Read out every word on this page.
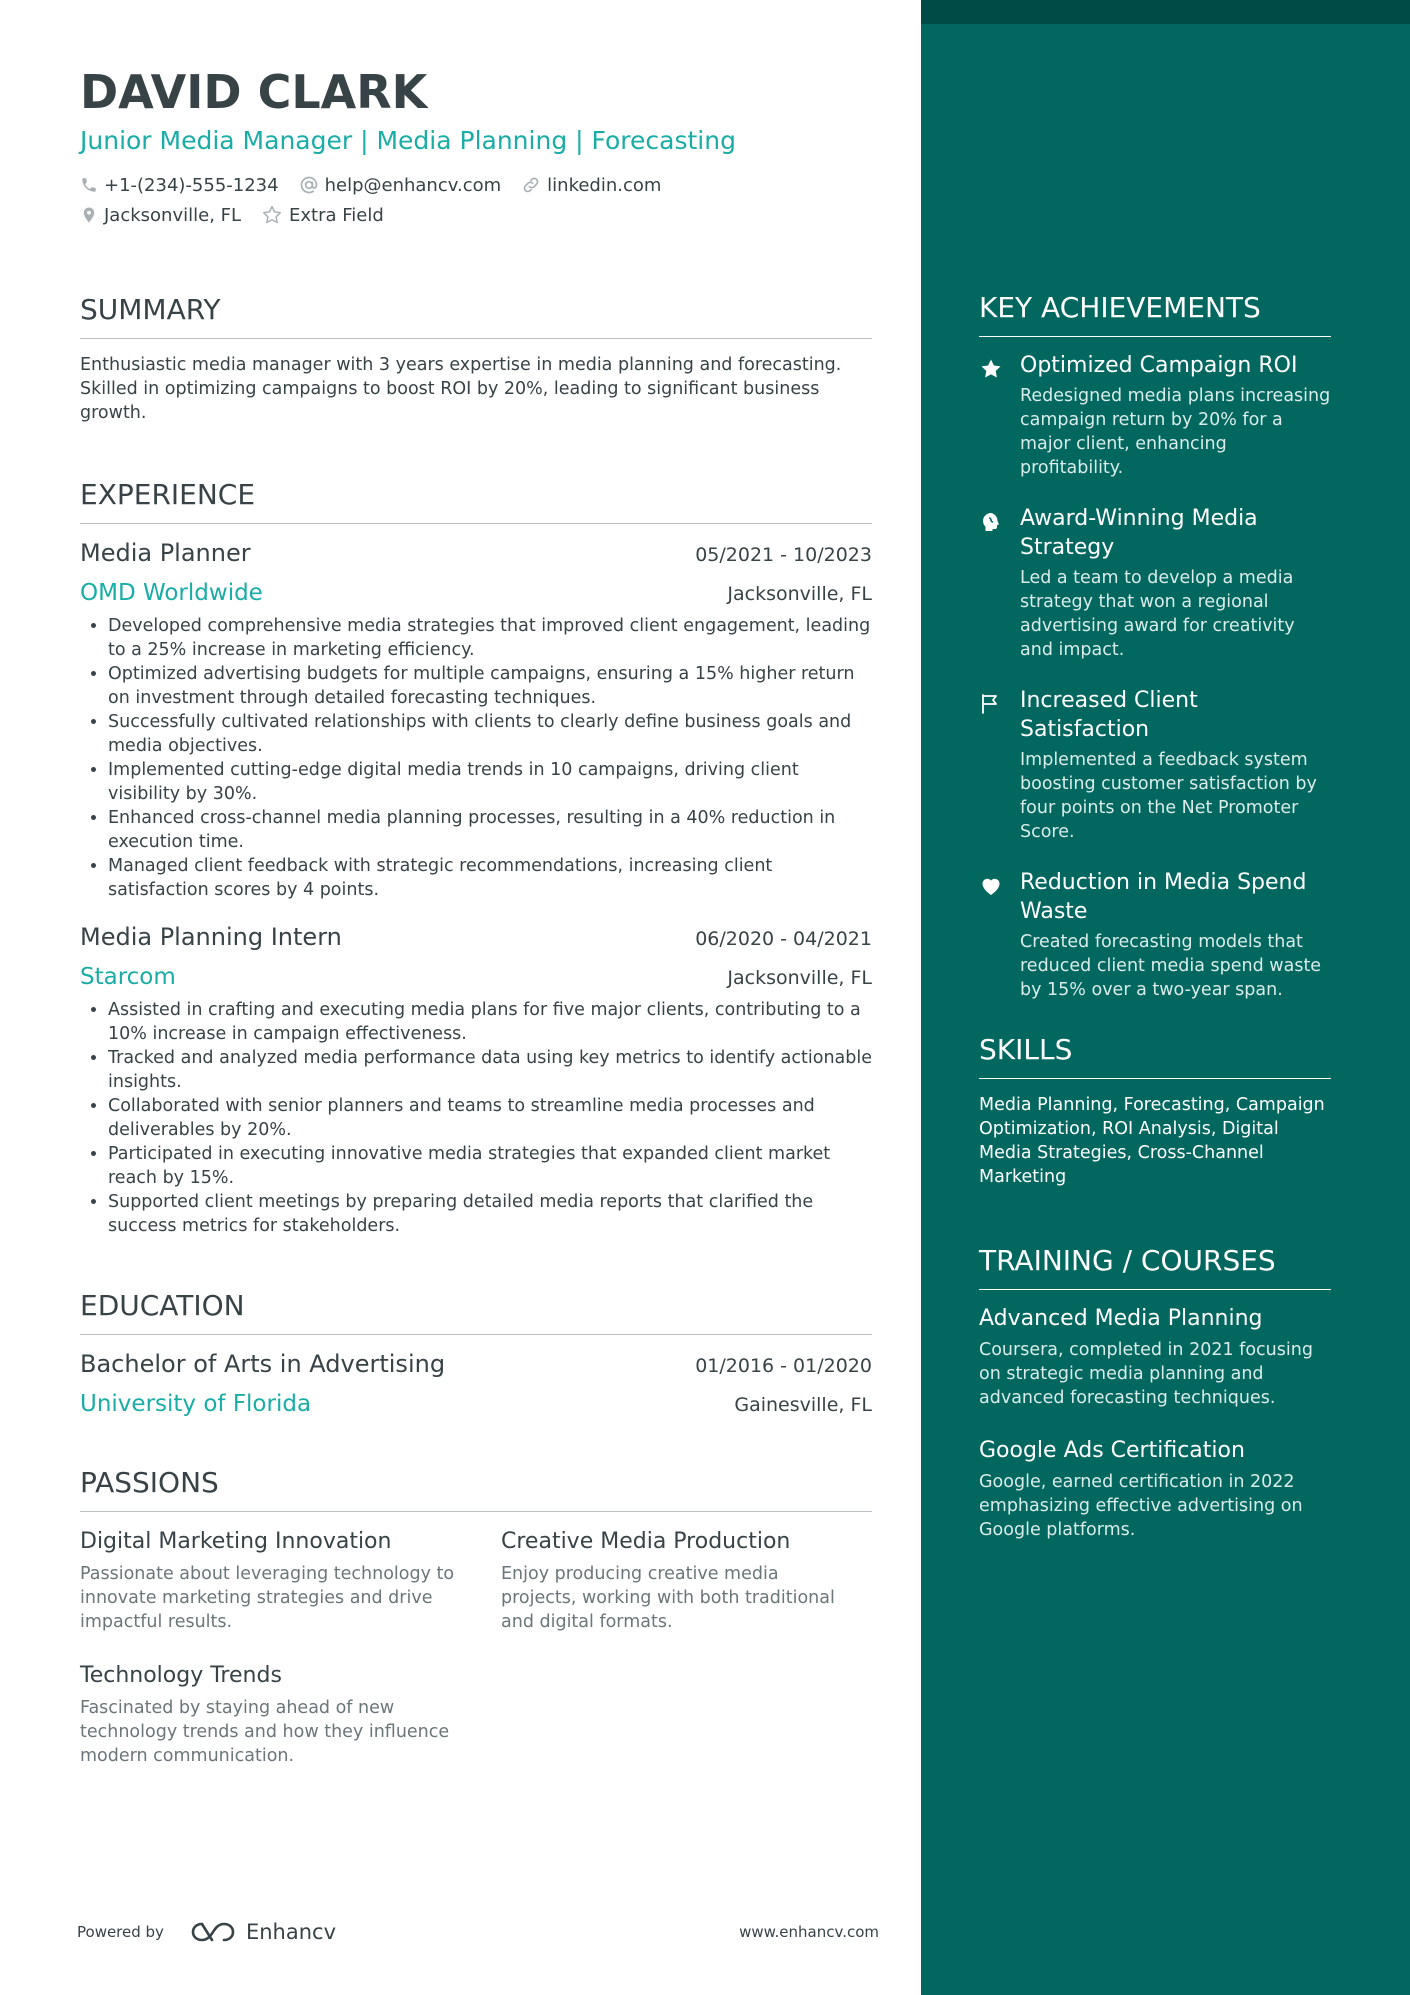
DAVID CLARK
Junior Media Manager | Media Planning | Forecasting
+1-(234)-555-1234	help@enhancv.com	linkedin.com
Jacksonville, FL	Extra Field
SUMMARY
Enthusiastic media manager with 3 years expertise in media planning and forecasting. Skilled in optimizing campaigns to boost ROI by 20%, leading to significant business growth.
EXPERIENCE
Media Planner	05/2021 - 10/2023
OMD Worldwide	Jacksonville, FL
• Developed comprehensive media strategies that improved client engagement, leading to a 25% increase in marketing efficiency.
• Optimized advertising budgets for multiple campaigns, ensuring a 15% higher return on investment through detailed forecasting techniques.
• Successfully cultivated relationships with clients to clearly define business goals and media objectives.
• Implemented cutting-edge digital media trends in 10 campaigns, driving client visibility by 30%.
• Enhanced cross-channel media planning processes, resulting in a 40% reduction in execution time.
• Managed client feedback with strategic recommendations, increasing client satisfaction scores by 4 points.
Media Planning Intern	06/2020 - 04/2021
Starcom	Jacksonville, FL
• Assisted in crafting and executing media plans for five major clients, contributing to a 10% increase in campaign effectiveness.
• Tracked and analyzed media performance data using key metrics to identify actionable insights.
• Collaborated with senior planners and teams to streamline media processes and deliverables by 20%.
• Participated in executing innovative media strategies that expanded client market reach by 15%.
• Supported client meetings by preparing detailed media reports that clarified the success metrics for stakeholders.
EDUCATION
Bachelor of Arts in Advertising	01/2016 - 01/2020
University of Florida	Gainesville, FL
PASSIONS
Digital Marketing Innovation
Passionate about leveraging technology to innovate marketing strategies and drive impactful results.
Creative Media Production
Enjoy producing creative media projects, working with both traditional and digital formats.
Technology Trends
Fascinated by staying ahead of new technology trends and how they influence modern communication.
Powered by	Enhancv	www.enhancv.com
KEY ACHIEVEMENTS
Optimized Campaign ROI
Redesigned media plans increasing campaign return by 20% for a major client, enhancing profitability.
Award-Winning Media Strategy
Led a team to develop a media strategy that won a regional advertising award for creativity and impact.
Increased Client Satisfaction
Implemented a feedback system boosting customer satisfaction by four points on the Net Promoter Score.
Reduction in Media Spend Waste
Created forecasting models that reduced client media spend waste by 15% over a two-year span.
SKILLS
Media Planning, Forecasting, Campaign Optimization, ROI Analysis, Digital Media Strategies, Cross-Channel Marketing
TRAINING / COURSES
Advanced Media Planning
Coursera, completed in 2021 focusing on strategic media planning and advanced forecasting techniques.
Google Ads Certification
Google, earned certification in 2022 emphasizing effective advertising on Google platforms.
